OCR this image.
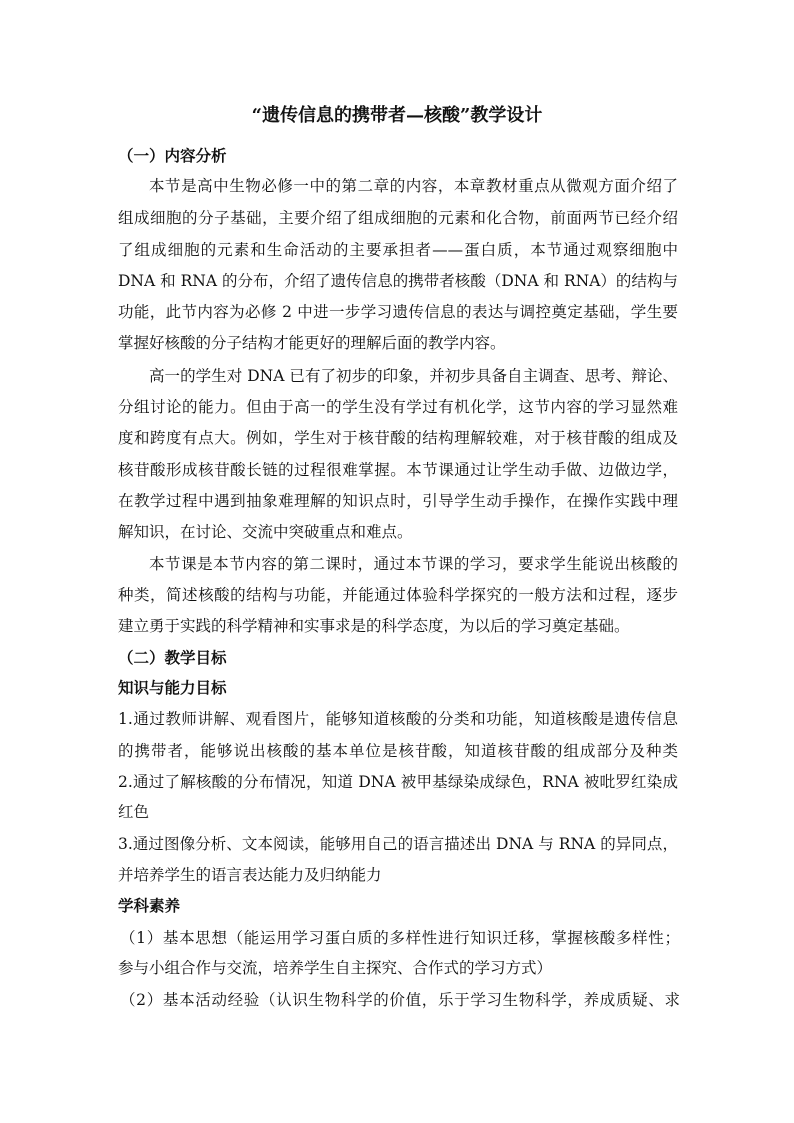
“遗传信息的携带者—核酸”教学设计
（一）内容分析
本节是高中生物必修一中的第二章的内容，本章教材重点从微观方面介绍了
组成细胞的分子基础，主要介绍了组成细胞的元素和化合物，前面两节已经介绍
了组成细胞的元素和生命活动的主要承担者——蛋白质，本节通过观察细胞中
DNA 和 RNA 的分布，介绍了遗传信息的携带者核酸（DNA 和 RNA）的结构与
功能，此节内容为必修 2 中进一步学习遗传信息的表达与调控奠定基础，学生要
掌握好核酸的分子结构才能更好的理解后面的教学内容。
高一的学生对 DNA 已有了初步的印象，并初步具备自主调查、思考、辩论、
分组讨论的能力。但由于高一的学生没有学过有机化学，这节内容的学习显然难
度和跨度有点大。例如，学生对于核苷酸的结构理解较难，对于核苷酸的组成及
核苷酸形成核苷酸长链的过程很难掌握。本节课通过让学生动手做、边做边学，
在教学过程中遇到抽象难理解的知识点时，引导学生动手操作，在操作实践中理
解知识，在讨论、交流中突破重点和难点。
本节课是本节内容的第二课时，通过本节课的学习，要求学生能说出核酸的
种类，简述核酸的结构与功能，并能通过体验科学探究的一般方法和过程，逐步
建立勇于实践的科学精神和实事求是的科学态度，为以后的学习奠定基础。
（二）教学目标
知识与能力目标
1.通过教师讲解、观看图片，能够知道核酸的分类和功能，知道核酸是遗传信息
的携带者，能够说出核酸的基本单位是核苷酸，知道核苷酸的组成部分及种类
2.通过了解核酸的分布情况，知道 DNA 被甲基绿染成绿色，RNA 被吡罗红染成
红色
3.通过图像分析、文本阅读，能够用自己的语言描述出 DNA 与 RNA 的异同点，
并培养学生的语言表达能力及归纳能力
学科素养
（1）基本思想（能运用学习蛋白质的多样性进行知识迁移，掌握核酸多样性；
参与小组合作与交流，培养学生自主探究、合作式的学习方式）
（2）基本活动经验（认识生物科学的价值，乐于学习生物科学，养成质疑、求
